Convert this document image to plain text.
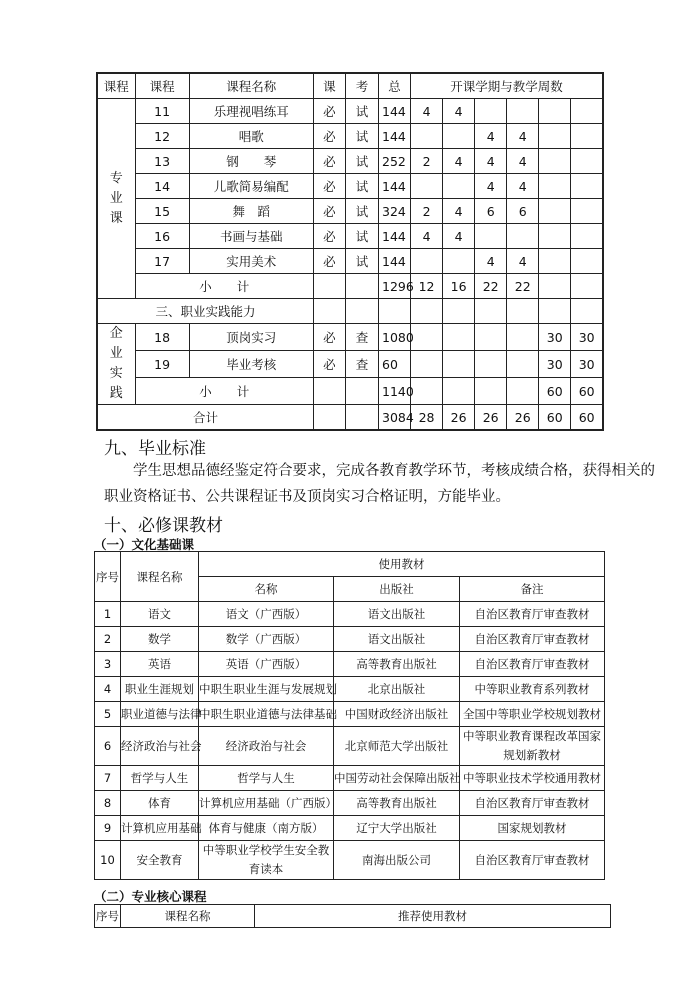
课程	课程	课程名称	课	考	总	开课学期与教学周数					
专
业
课	11	乐理视唱练耳	必	试	144	4	4				
	12	唱歌	必	试	144			4	4		
	13	钢　　琴	必	试	252	2	4	4	4		
	14	儿歌简易编配	必	试	144			4	4		
	15	舞　蹈	必	试	324	2	4	6	6		
	16	书画与基础	必	试	144	4	4				
	17	实用美术	必	试	144			4	4		
	小　　计				1296	12	16	22	22		
三、职业实践能力											
企
业
实
践	18	顶岗实习	必	查	1080					30	30
	19	毕业考核	必	查	60					30	30
	小　　计				1140					60	60
合计					3084	28	26	26	26	60	60
九、毕业标准
学生思想品德经鉴定符合要求，完成各教育教学环节，考核成绩合格，获得相关的职业资格证书、公共课程证书及顶岗实习合格证明，方能毕业。
十、必修课教材
（一）文化基础课
序号	课程名称	使用教材		
		名称	出版社	备注
1	语文	语文（广西版）	语文出版社	自治区教育厅审查教材
2	数学	数学（广西版）	语文出版社	自治区教育厅审查教材
3	英语	英语（广西版）	高等教育出版社	自治区教育厅审查教材
4	职业生涯规划	中职生职业生涯与发展规划	北京出版社	中等职业教育系列教材
5	职业道德与法律	中职生职业道德与法律基础	中国财政经济出版社	全国中等职业学校规划教材
6	经济政治与社会	经济政治与社会	北京师范大学出版社	中等职业教育课程改革国家规划新教材
7	哲学与人生	哲学与人生	中国劳动社会保障出版社	中等职业技术学校通用教材
8	体育	计算机应用基础（广西版）	高等教育出版社	自治区教育厅审查教材
9	计算机应用基础	体育与健康（南方版）	辽宁大学出版社	国家规划教材
10	安全教育	中等职业学校学生安全教育读本	南海出版公司	自治区教育厅审查教材
（二）专业核心课程
序号	课程名称	推荐使用教材
